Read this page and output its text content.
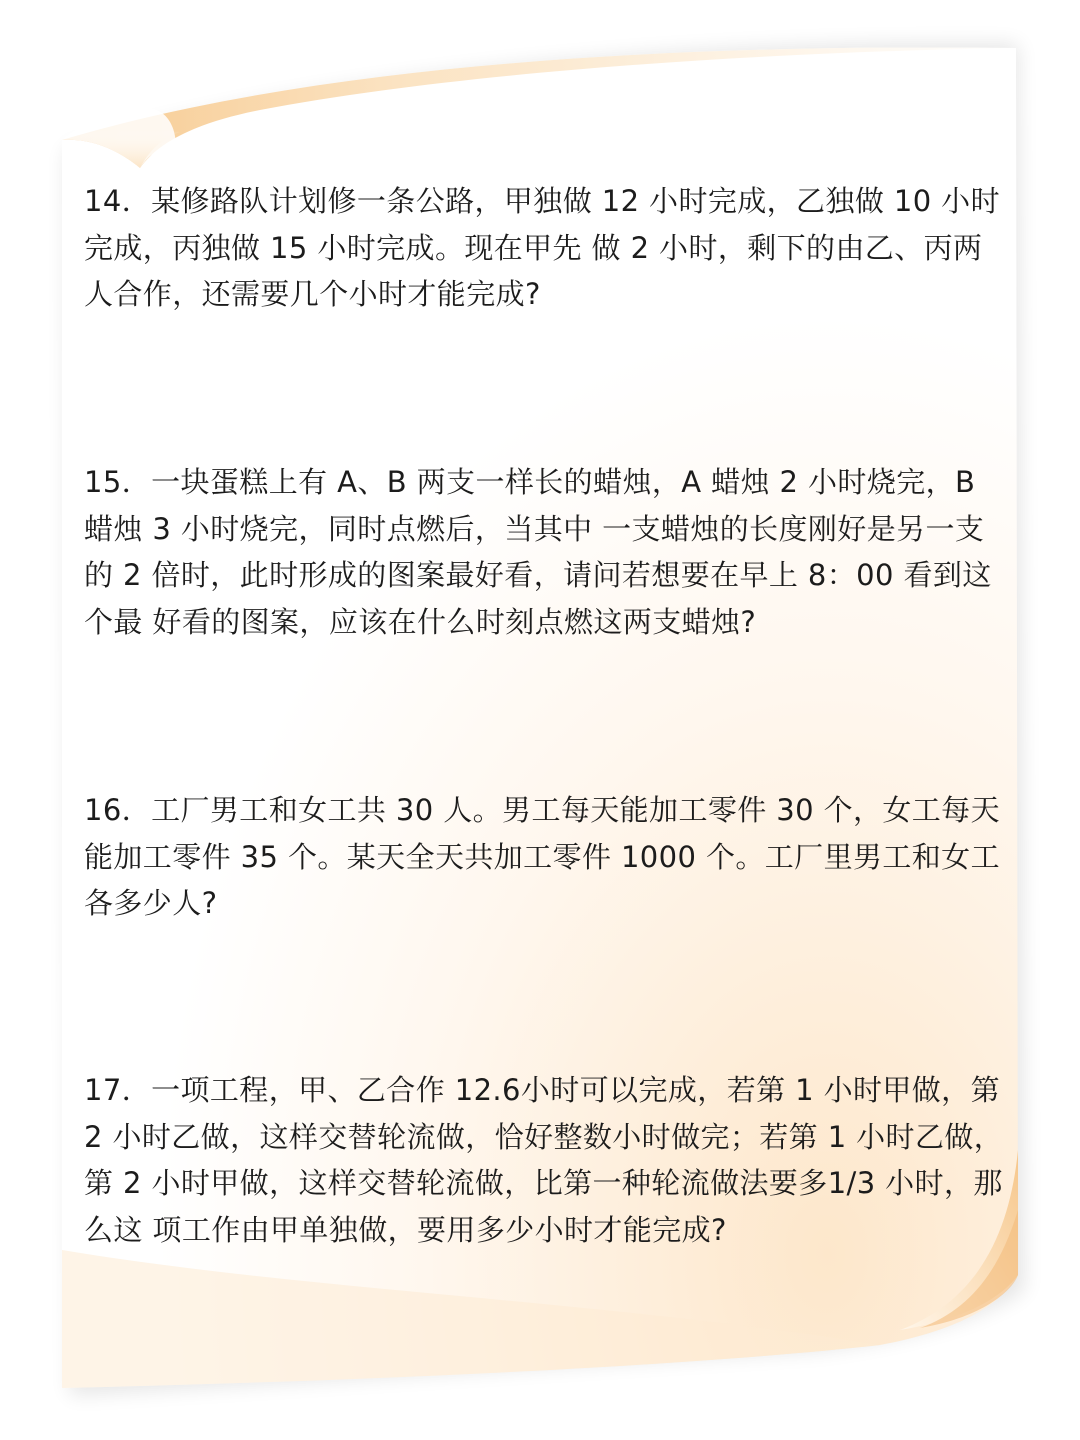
14．某修路队计划修一条公路，甲独做 12 小时完成，乙独做 10 小时完成，丙独做 15 小时完成。现在甲先 做 2 小时，剩下的由乙、丙两人合作，还需要几个小时才能完成?

15．一块蛋糕上有 A、B 两支一样长的蜡烛，A 蜡烛 2 小时烧完，B 蜡烛 3 小时烧完，同时点燃后，当其中 一支蜡烛的长度刚好是另一支的 2 倍时，此时形成的图案最好看，请问若想要在早上 8：00 看到这个最 好看的图案，应该在什么时刻点燃这两支蜡烛?

16．工厂男工和女工共 30 人。男工每天能加工零件 30 个，女工每天能加工零件 35 个。某天全天共加工零件 1000 个。工厂里男工和女工各多少人?

17．一项工程，甲、乙合作 12.6小时可以完成，若第 1 小时甲做，第 2 小时乙做，这样交替轮流做，恰好整数小时做完；若第 1 小时乙做，第 2 小时甲做，这样交替轮流做，比第一种轮流做法要多1/3 小时，那么这 项工作由甲单独做，要用多少小时才能完成?
